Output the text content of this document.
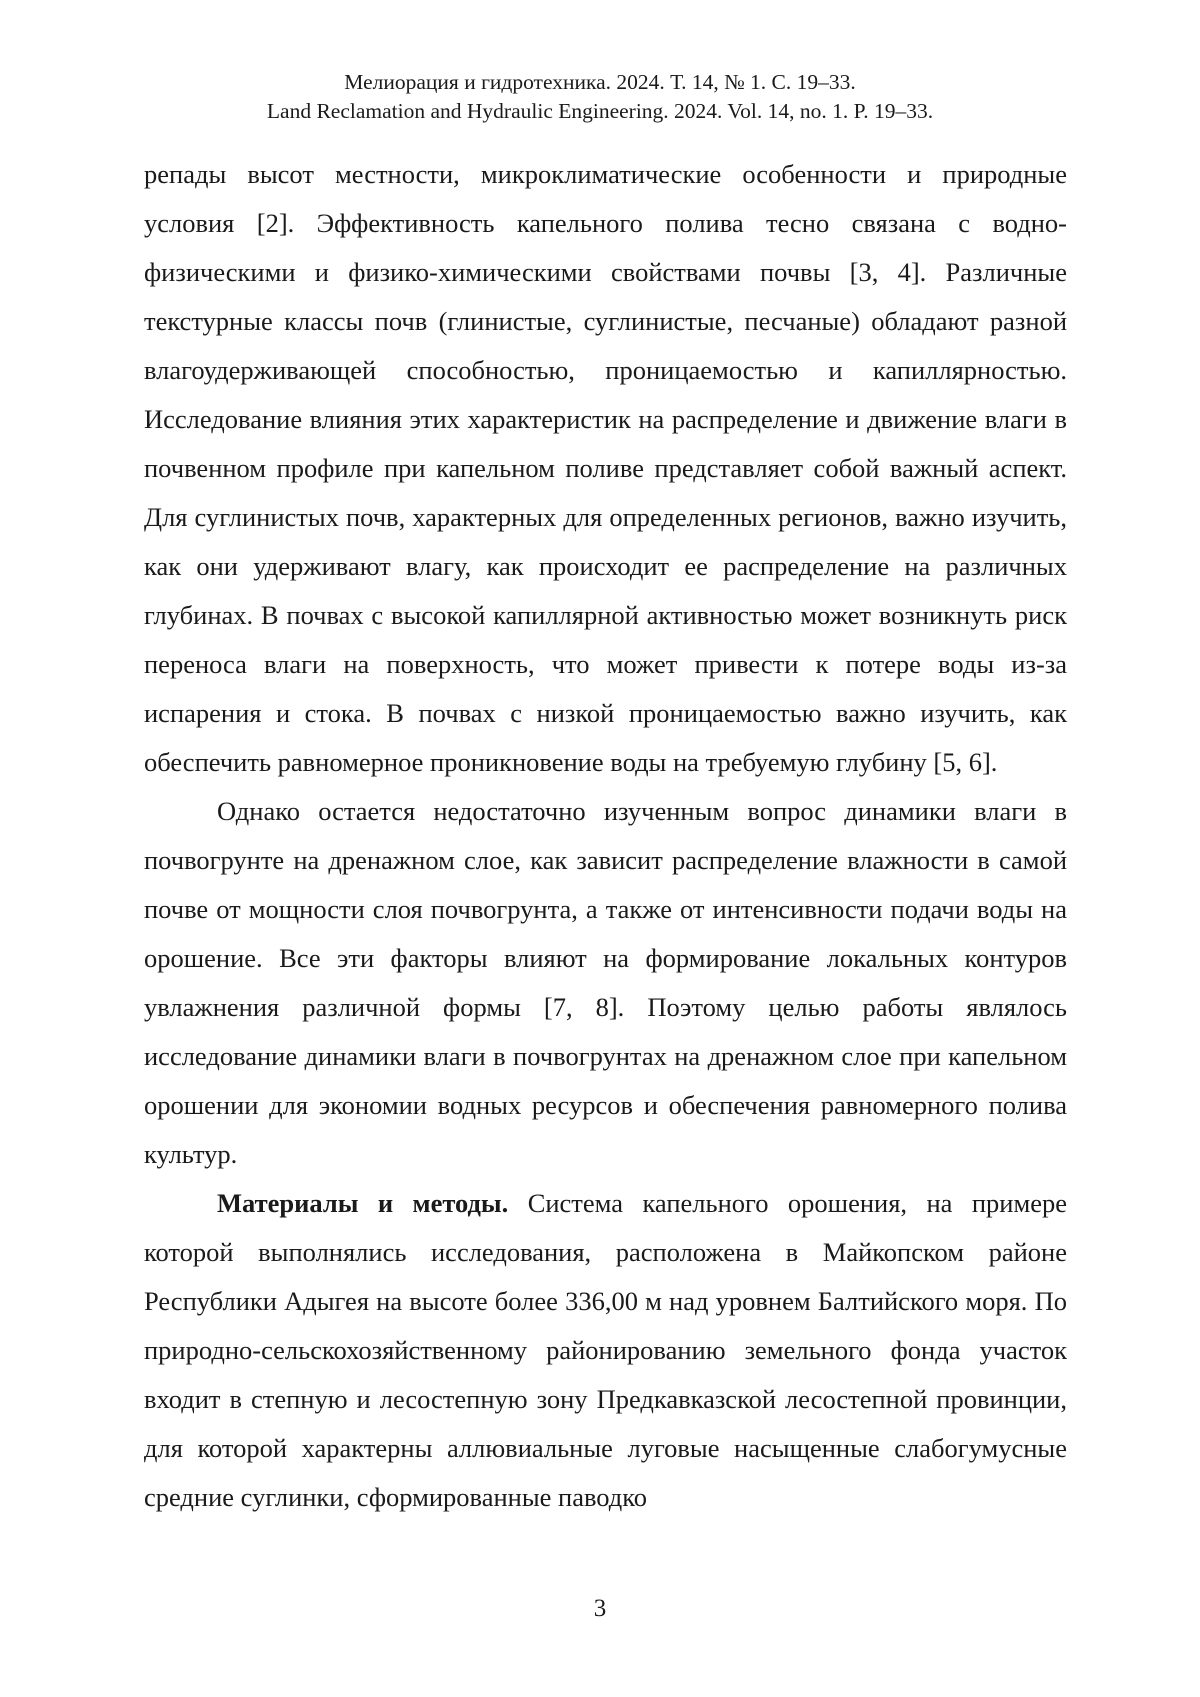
Мелиорация и гидротехника. 2024. Т. 14, № 1. С. 19–33.
Land Reclamation and Hydraulic Engineering. 2024. Vol. 14, no. 1. P. 19–33.

репады высот местности, микроклиматические особенности и природные условия [2]. Эффективность капельного полива тесно связана с водно­физическими и физико-химическими свойствами почвы [3, 4]. Различные текстурные классы почв (глинистые, суглинистые, песчаные) обладают разной влагоудерживающей способностью, проницаемостью и капиллярно­стью. Исследование влияния этих характеристик на распределение и движе­ние влаги в почвенном профиле при капельном поливе представляет собой важный аспект. Для суглинистых почв, характерных для определенных ре­гионов, важно изучить, как они удерживают влагу, как происходит ее рас­пределение на различных глубинах. В почвах с высокой капиллярной ак­тивностью может возникнуть риск переноса влаги на поверхность, что мо­жет привести к потере воды из-за испарения и стока. В почвах с низкой проницаемостью важно изучить, как обеспечить равномерное проникнове­ние воды на требуемую глубину [5, 6].

Однако остается недостаточно изученным вопрос динамики влаги в почвогрунте на дренажном слое, как зависит распределение влажности в самой почве от мощности слоя почвогрунта, а также от интенсивности подачи воды на орошение. Все эти факторы влияют на формирование ло­кальных контуров увлажнения различной формы [7, 8]. Поэтому целью ра­боты являлось исследование динамики влаги в почвогрунтах на дренажном слое при капельном орошении для экономии водных ресурсов и обеспече­ния равномерного полива культур.

Материалы и методы. Система капельного орошения, на примере которой выполнялись исследования, расположена в Майкопском районе Республики Адыгея на высоте более 336,00 м над уровнем Балтийского моря. По природно-сельскохозяйственному районированию земельного фонда участок входит в степную и лесостепную зону Предкавказской ле­состепной провинции, для которой характерны аллювиальные луговые на­сыщенные слабогумусные средние суглинки, сформированные паводко­

3
